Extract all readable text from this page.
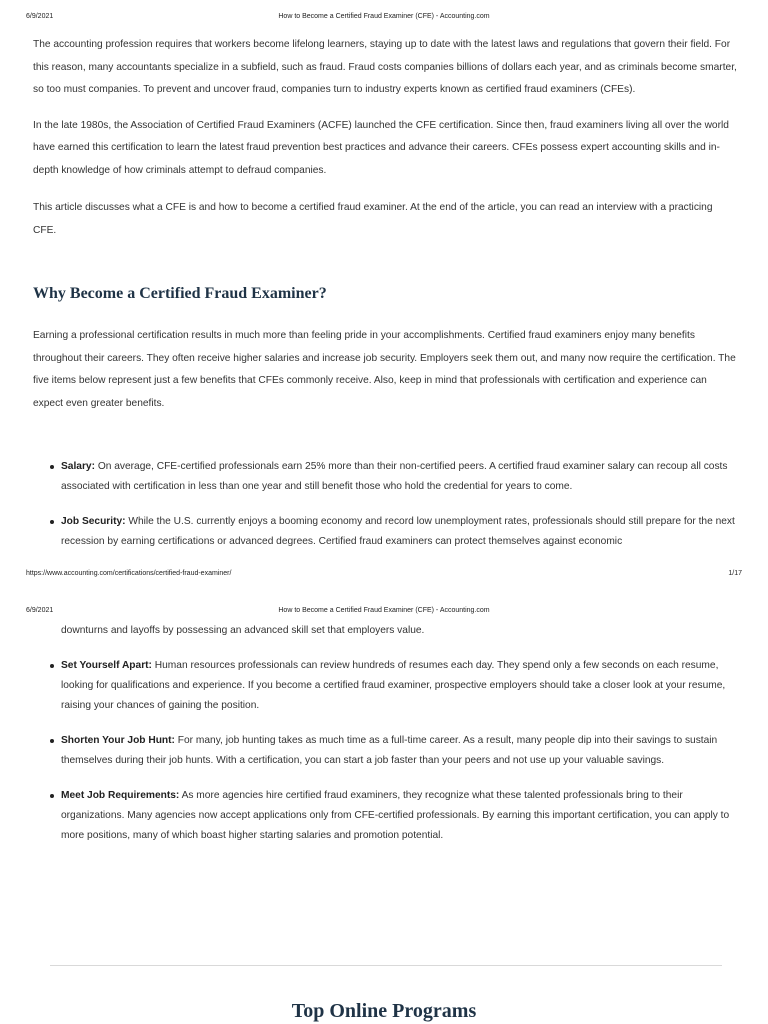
6/9/2021	How to Become a Certified Fraud Examiner (CFE) - Accounting.com

The accounting profession requires that workers become lifelong learners, staying up to date with the latest laws and regulations that govern their field. For this reason, many accountants specialize in a subfield, such as fraud. Fraud costs companies billions of dollars each year, and as criminals become smarter, so too must companies. To prevent and uncover fraud, companies turn to industry experts known as certified fraud examiners (CFEs).

In the late 1980s, the Association of Certified Fraud Examiners (ACFE) launched the CFE certification. Since then, fraud examiners living all over the world have earned this certification to learn the latest fraud prevention best practices and advance their careers. CFEs possess expert accounting skills and in-depth knowledge of how criminals attempt to defraud companies.

This article discusses what a CFE is and how to become a certified fraud examiner. At the end of the article, you can read an interview with a practicing CFE.

Why Become a Certified Fraud Examiner?

Earning a professional certification results in much more than feeling pride in your accomplishments. Certified fraud examiners enjoy many benefits throughout their careers. They often receive higher salaries and increase job security. Employers seek them out, and many now require the certification. The five items below represent just a few benefits that CFEs commonly receive. Also, keep in mind that professionals with certification and experience can expect even greater benefits.

Salary: On average, CFE-certified professionals earn 25% more than their non-certified peers. A certified fraud examiner salary can recoup all costs associated with certification in less than one year and still benefit those who hold the credential for years to come.
Job Security: While the U.S. currently enjoys a booming economy and record low unemployment rates, professionals should still prepare for the next recession by earning certifications or advanced degrees. Certified fraud examiners can protect themselves against economic
https://www.accounting.com/certifications/certified-fraud-examiner/	1/17
6/9/2021	How to Become a Certified Fraud Examiner (CFE) - Accounting.com
downturns and layoffs by possessing an advanced skill set that employers value.
Set Yourself Apart: Human resources professionals can review hundreds of resumes each day. They spend only a few seconds on each resume, looking for qualifications and experience. If you become a certified fraud examiner, prospective employers should take a closer look at your resume, raising your chances of gaining the position.
Shorten Your Job Hunt: For many, job hunting takes as much time as a full-time career. As a result, many people dip into their savings to sustain themselves during their job hunts. With a certification, you can start a job faster than your peers and not use up your valuable savings.
Meet Job Requirements: As more agencies hire certified fraud examiners, they recognize what these talented professionals bring to their organizations. Many agencies now accept applications only from CFE-certified professionals. By earning this important certification, you can apply to more positions, many of which boast higher starting salaries and promotion potential.
Top Online Programs
